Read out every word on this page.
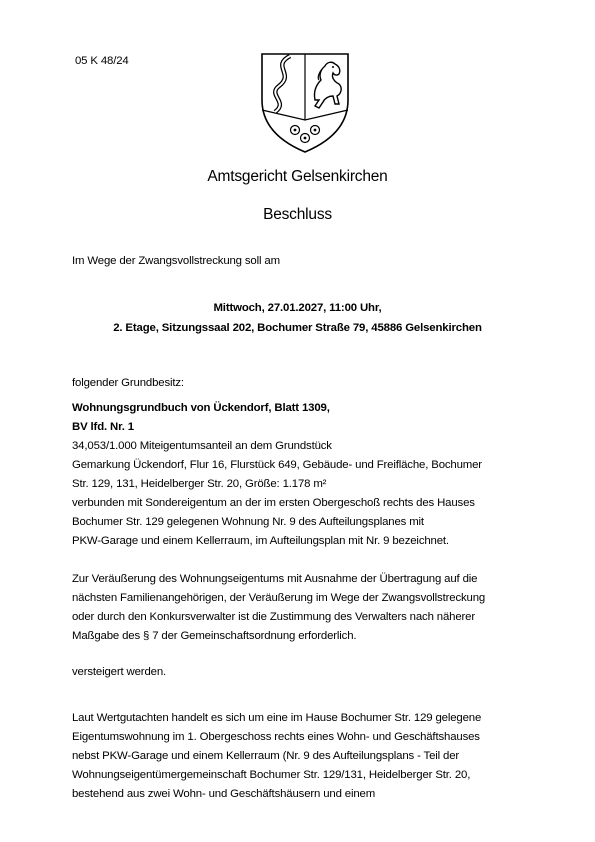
05 K 48/24
Amtsgericht Gelsenkirchen
Beschluss
Im Wege der Zwangsvollstreckung soll am
Mittwoch, 27.01.2027, 11:00 Uhr,
2. Etage, Sitzungssaal 202, Bochumer Straße 79, 45886 Gelsenkirchen
folgender Grundbesitz:
Wohnungsgrundbuch von Ückendorf, Blatt 1309,
BV lfd. Nr. 1
34,053/1.000 Miteigentumsanteil an dem Grundstück
Gemarkung Ückendorf, Flur 16, Flurstück 649, Gebäude- und Freifläche, Bochumer
Str. 129, 131, Heidelberger Str. 20, Größe: 1.178 m²
verbunden mit Sondereigentum an der im ersten Obergeschoß rechts des Hauses
Bochumer Str. 129 gelegenen Wohnung Nr. 9 des Aufteilungsplanes mit
PKW-Garage und einem Kellerraum, im Aufteilungsplan mit Nr. 9 bezeichnet.
Zur Veräußerung des Wohnungseigentums mit Ausnahme der Übertragung auf die
nächsten Familienangehörigen, der Veräußerung im Wege der Zwangsvollstreckung
oder durch den Konkursverwalter ist die Zustimmung des Verwalters nach näherer
Maßgabe des § 7 der Gemeinschaftsordnung erforderlich.
versteigert werden.
Laut Wertgutachten handelt es sich um eine im Hause Bochumer Str. 129 gelegene
Eigentumswohnung im 1. Obergeschoss rechts eines Wohn- und Geschäftshauses
nebst PKW-Garage und einem Kellerraum (Nr. 9 des Aufteilungsplans - Teil der
Wohnungseigentümergemeinschaft Bochumer Str. 129/131, Heidelberger Str. 20,
bestehend aus zwei Wohn- und Geschäftshäusern und einem
